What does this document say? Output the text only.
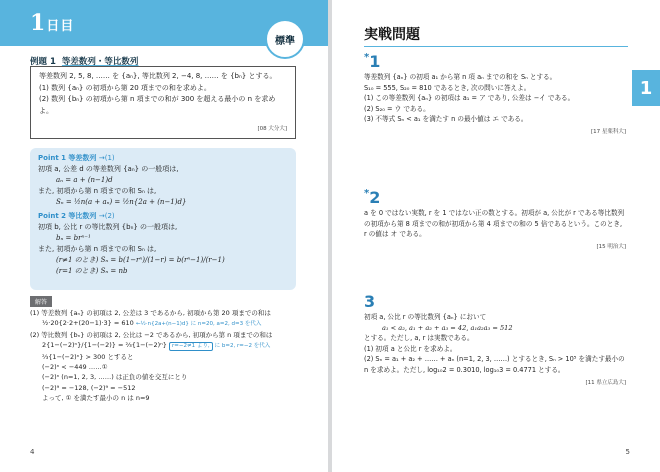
1日目
標準
例題 1 等差数列・等比数列
等差数列 2, 5, 8, …… を {aₙ}, 等比数列 2, −4, 8, …… を {bₙ} とする。
(1) 数列 {aₙ} の初項から第 20 項までの和を求めよ。
(2) 数列 {bₙ} の初項から第 n 項までの和が 300 を超える最小の n を求めよ。
[08 大分大]
Point 1 等差数列 →(1)
初項 a, 公差 d の等差数列 {aₙ} の一般項は,
aₙ = a + (n−1)d
また, 初項から第 n 項までの和 Sₙ は,
Sₙ = ½n(a + aₙ) = ½n{2a + (n−1)d}
Point 2 等比数列 →(2)
初項 b, 公比 r の等比数列 {bₙ} の一般項は,
bₙ = brⁿ⁻¹
また, 初項から第 n 項までの和 Sₙ は,
(r≠1 のとき) Sₙ = b(1−rⁿ)/(1−r) = b(rⁿ−1)/(r−1)
(r=1 のとき) Sₙ = nb
解答
(1) 等差数列 {aₙ} の初項は 2, 公差は 3 であるから, 初項から第 20 項までの和は
½·20{2·2+(20−1)·3} = 610 ←½·n{2a+(n−1)d} に n=20, a=2, d=3 を代入
(2) 等比数列 {bₙ} の初項は 2, 公比は −2 であるから, 初項から第 n 項までの和は
2{1−(−2)ⁿ}/{1−(−2)} = ⅔{1−(−2)ⁿ} r=−2≠1 より, に b=2, r=−2 を代入
⅔{1−(−2)ⁿ} > 300 とすると
(−2)ⁿ < −449 ……①
(−2)ⁿ (n=1, 2, 3, ……) は正負の値を交互にとり
(−2)⁹ = −128, (−2)⁹ = −512
よって, ① を満たす最小の n は n=9
4
実戦問題
1
*1
等差数列 {aₙ} の初項 a₁ から第 n 項 aₙ までの和を Sₙ とする。
S₁₀ = 555, S₂₀ = 810 であるとき, 次の問いに答えよ。
(1) この等差数列 {aₙ} の初項は a₁ = ア であり, 公差は −イ である。
(2) S₂₀ = ウ である。
(3) 不等式 Sₙ < a₁ を満たす n の最小値は エ である。
[17 星薬科大]
*2
a を 0 ではない実数, r を 1 ではない正の数とする。初項が a, 公比が r である等比数列の初項から第 8 項までの和が初項から第 4 項までの和の 5 倍であるという。このとき, r の値は オ である。
[15 明治大]
3
初項 a, 公比 r の等比数列 {aₙ} において
a₁ < a₂, a₁ + a₂ + a₃ = 42, a₁a₂a₃ = 512
とする。ただし, a, r は実数である。
(1) 初項 a と公比 r を求めよ。
(2) Sₙ = a₁ + a₂ + …… + aₙ (n=1, 2, 3, ……) とするとき, Sₙ > 10⁵ を満たす最小の n を求めよ。ただし, log₁₀2 = 0.3010, log₁₀3 = 0.4771 とする。
[11 県立広島大]
5
